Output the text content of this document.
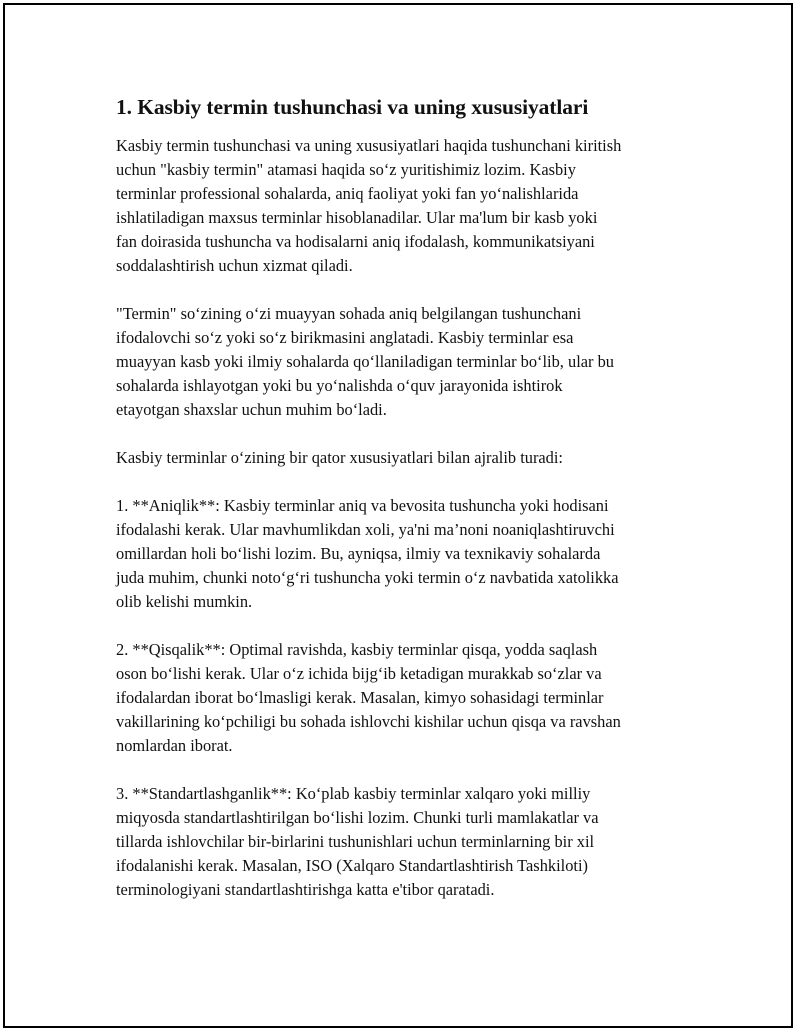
1. Kasbiy termin tushunchasi va uning xususiyatlari
Kasbiy termin tushunchasi va uning xususiyatlari haqida tushunchani kiritish
uchun "kasbiy termin" atamasi haqida soʻz yuritishimiz lozim. Kasbiy
terminlar professional sohalarda, aniq faoliyat yoki fan yoʻnalishlarida
ishlatiladigan maxsus terminlar hisoblanadilar. Ular ma'lum bir kasb yoki
fan doirasida tushuncha va hodisalarni aniq ifodalash, kommunikatsiyani
soddalashtirish uchun xizmat qiladi.
"Termin" soʻzining oʻzi muayyan sohada aniq belgilangan tushunchani
ifodalovchi soʻz yoki soʻz birikmasini anglatadi. Kasbiy terminlar esa
muayyan kasb yoki ilmiy sohalarda qoʻllaniladigan terminlar boʻlib, ular bu
sohalarda ishlayotgan yoki bu yoʻnalishda oʻquv jarayonida ishtirok
etayotgan shaxslar uchun muhim boʻladi.
Kasbiy terminlar oʻzining bir qator xususiyatlari bilan ajralib turadi:
1. **Aniqlik**: Kasbiy terminlar aniq va bevosita tushuncha yoki hodisani
ifodalashi kerak. Ular mavhumlikdan xoli, ya'ni ma’noni noaniqlashtiruvchi
omillardan holi boʻlishi lozim. Bu, ayniqsa, ilmiy va texnikaviy sohalarda
juda muhim, chunki notoʻgʻri tushuncha yoki termin oʻz navbatida xatolikka
olib kelishi mumkin.
2. **Qisqalik**: Optimal ravishda, kasbiy terminlar qisqa, yodda saqlash
oson boʻlishi kerak. Ular oʻz ichida bijgʻib ketadigan murakkab soʻzlar va
ifodalardan iborat boʻlmasligi kerak. Masalan, kimyo sohasidagi terminlar
vakillarining koʻpchiligi bu sohada ishlovchi kishilar uchun qisqa va ravshan
nomlardan iborat.
3. **Standartlashganlik**: Koʻplab kasbiy terminlar xalqaro yoki milliy
miqyosda standartlashtirilgan boʻlishi lozim. Chunki turli mamlakatlar va
tillarda ishlovchilar bir-birlarini tushunishlari uchun terminlarning bir xil
ifodalanishi kerak. Masalan, ISO (Xalqaro Standartlashtirish Tashkiloti)
terminologiyani standartlashtirishga katta e'tibor qaratadi.
